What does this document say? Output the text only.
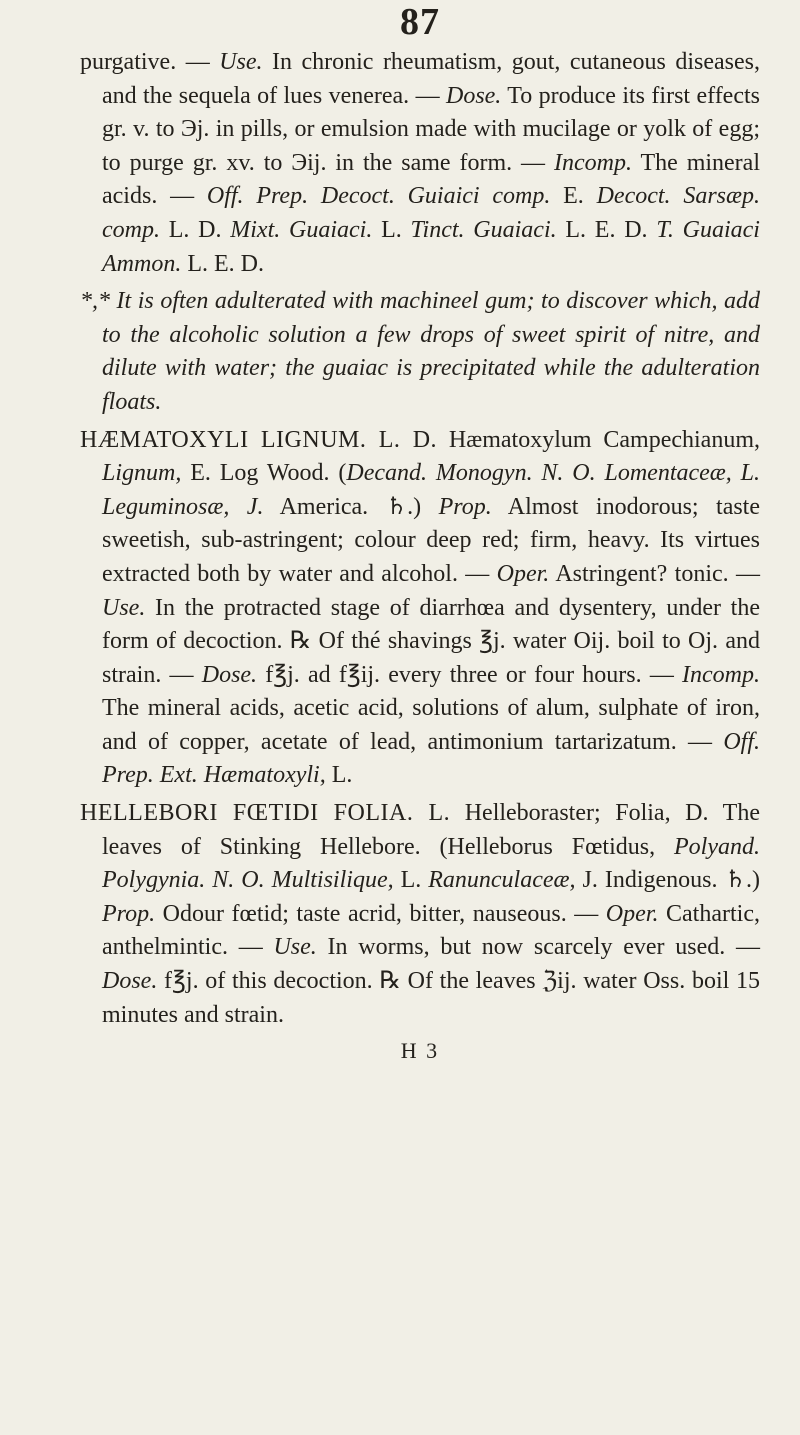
87

purgative. — Use. In chronic rheumatism, gout, cutaneous diseases, and the sequela of lues venerea. — Dose. To produce its first effects gr. v. to Эj. in pills, or emulsion made with mucilage or yolk of egg; to purge gr. xv. to Эij. in the same form. — Incomp. The mineral acids. — Off. Prep. Decoct. Guiaici comp. E. Decoct. Sarsæp. comp. L. D. Mixt. Guaiaci. L. Tinct. Guaiaci. L. E. D. T. Guaiaci Ammon. L. E. D.

*,* It is often adulterated with machineel gum; to discover which, add to the alcoholic solution a few drops of sweet spirit of nitre, and dilute with water; the guaiac is precipitated while the adulteration floats.

HÆMATOXYLI LIGNUM. L. D. Hæmatoxylum Campechianum, Lignum, E. Log Wood. (Decand. Monogyn. N. O. Lomentaceæ, L. Leguminosæ, J. America. ♄.) Prop. Almost inodorous; taste sweetish, sub-astringent; colour deep red; firm, heavy. Its virtues extracted both by water and alcohol. — Oper. Astringent? tonic. — Use. In the protracted stage of diarrhœa and dysentery, under the form of decoction. ℞ Of thé shavings ℥j. water Oij. boil to Oj. and strain. — Dose. f℥j. ad f℥ij. every three or four hours. — Incomp. The mineral acids, acetic acid, solutions of alum, sulphate of iron, and of copper, acetate of lead, antimonium tartarizatum. — Off. Prep. Ext. Hæmatoxyli, L.

HELLEBORI FŒTIDI FOLIA. L. Helleboraster; Folia, D. The leaves of Stinking Hellebore. (Helleborus Fœtidus, Polyand. Polygynia. N. O. Multisilique, L. Ranunculaceæ, J. Indigenous. ♄.) Prop. Odour fœtid; taste acrid, bitter, nauseous. — Oper. Cathartic, anthelmintic. — Use. In worms, but now scarcely ever used. — Dose. f℥j. of this decoction. ℞ Of the leaves ℨij. water Oss. boil 15 minutes and strain.

H 3
